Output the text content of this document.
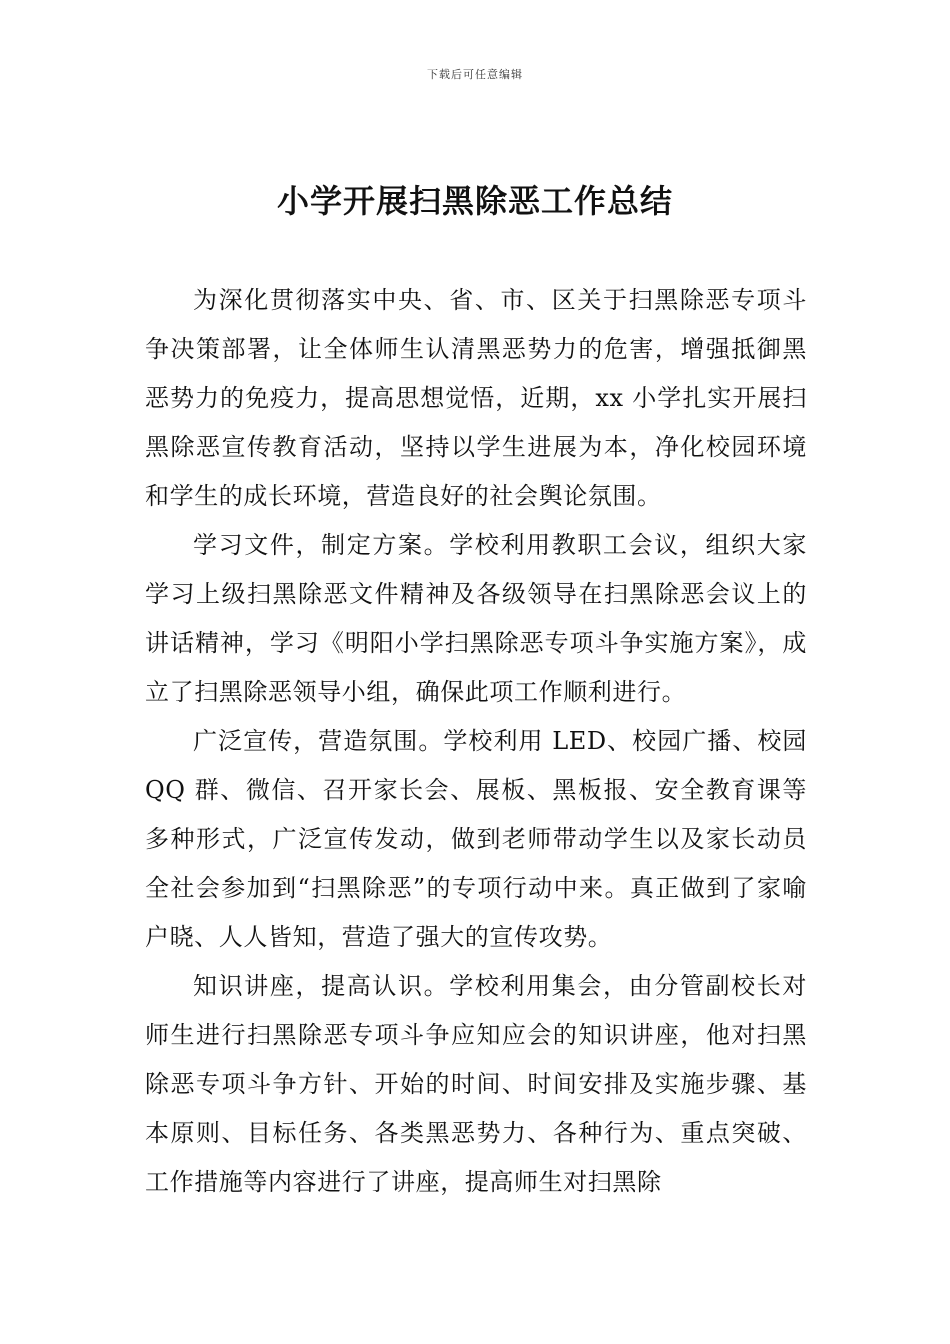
下载后可任意编辑
小学开展扫黑除恶工作总结

为深化贯彻落实中央、省、市、区关于扫黑除恶专项斗争决策部署，让全体师生认清黑恶势力的危害，增强抵御黑恶势力的免疫力，提高思想觉悟，近期，xx 小学扎实开展扫黑除恶宣传教育活动，坚持以学生进展为本，净化校园环境和学生的成长环境，营造良好的社会舆论氛围。

学习文件，制定方案。学校利用教职工会议，组织大家学习上级扫黑除恶文件精神及各级领导在扫黑除恶会议上的讲话精神，学习《明阳小学扫黑除恶专项斗争实施方案》，成立了扫黑除恶领导小组，确保此项工作顺利进行。

广泛宣传，营造氛围。学校利用 LED、校园广播、校园 QQ 群、微信、召开家长会、展板、黑板报、安全教育课等多种形式，广泛宣传发动，做到老师带动学生以及家长动员全社会参加到“扫黑除恶”的专项行动中来。真正做到了家喻户晓、人人皆知，营造了强大的宣传攻势。

知识讲座，提高认识。学校利用集会，由分管副校长对师生进行扫黑除恶专项斗争应知应会的知识讲座，他对扫黑除恶专项斗争方针、开始的时间、时间安排及实施步骤、基本原则、目标任务、各类黑恶势力、各种行为、重点突破、工作措施等内容进行了讲座，提高师生对扫黑除
